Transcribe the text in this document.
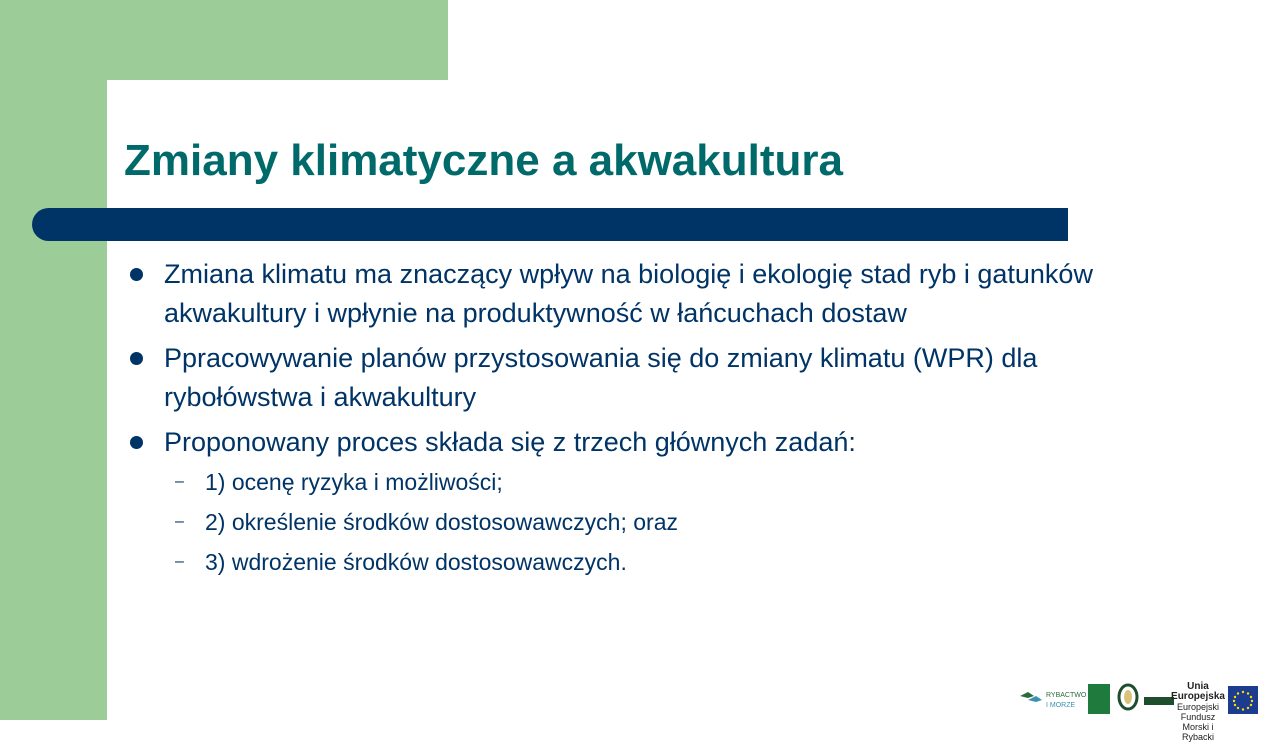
Zmiany klimatyczne a akwakultura
Zmiana klimatu ma znaczący wpływ na biologię i ekologię stad ryb i gatunków akwakultury i wpłynie na produktywność w łańcuchach dostaw
Ppracowywanie planów przystosowania się do zmiany klimatu (WPR) dla rybołówstwa i akwakultury
Proponowany proces składa się z trzech głównych zadań:
– 1) ocenę ryzyka i możliwości;
– 2) określenie środków dostosowawczych; oraz
– 3) wdrożenie środków dostosowawczych.
RYBACTWO
I MORZE
Unia Europejska
Europejski Fundusz Morski i Rybacki
